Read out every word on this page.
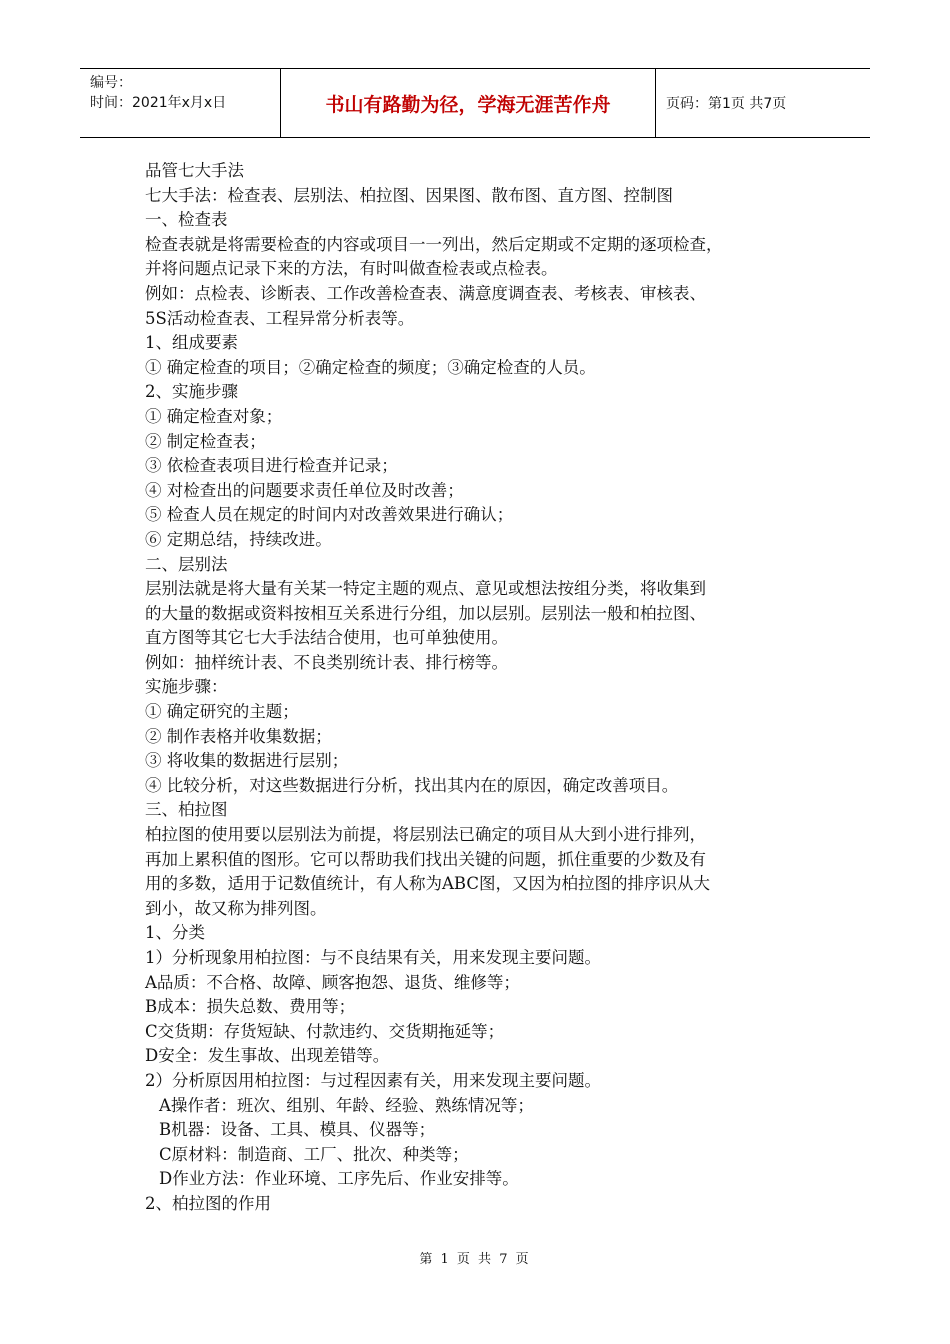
编号：
时间：2021年x月x日	书山有路勤为径，学海无涯苦作舟	页码：第1页 共7页

品管七大手法

七大手法：检查表、层别法、柏拉图、因果图、散布图、直方图、控制图

一、检查表

检查表就是将需要检查的内容或项目一一列出，然后定期或不定期的逐项检查，

并将问题点记录下来的方法，有时叫做查检表或点检表。

例如：点检表、诊断表、工作改善检查表、满意度调查表、考核表、审核表、

5S活动检查表、工程异常分析表等。

1、组成要素

① 确定检查的项目；②确定检查的频度；③确定检查的人员。

2、实施步骤

① 确定检查对象；

② 制定检查表；

③ 依检查表项目进行检查并记录；

④ 对检查出的问题要求责任单位及时改善；

⑤ 检查人员在规定的时间内对改善效果进行确认；

⑥ 定期总结，持续改进。

二、层别法

层别法就是将大量有关某一特定主题的观点、意见或想法按组分类，将收集到

的大量的数据或资料按相互关系进行分组，加以层别。层别法一般和柏拉图、

直方图等其它七大手法结合使用，也可单独使用。

例如：抽样统计表、不良类别统计表、排行榜等。

实施步骤：

① 确定研究的主题；

② 制作表格并收集数据；

③ 将收集的数据进行层别；

④ 比较分析，对这些数据进行分析，找出其内在的原因，确定改善项目。

三、柏拉图

柏拉图的使用要以层别法为前提，将层别法已确定的项目从大到小进行排列，

再加上累积值的图形。它可以帮助我们找出关键的问题，抓住重要的少数及有

用的多数，适用于记数值统计，有人称为ABC图，又因为柏拉图的排序识从大

到小，故又称为排列图。

1、分类

1）分析现象用柏拉图：与不良结果有关，用来发现主要问题。

A品质：不合格、故障、顾客抱怨、退货、维修等；

B成本：损失总数、费用等；

C交货期：存货短缺、付款违约、交货期拖延等；

D安全：发生事故、出现差错等。

2）分析原因用柏拉图：与过程因素有关，用来发现主要问题。

A操作者：班次、组别、年龄、经验、熟练情况等；

B机器：设备、工具、模具、仪器等；

C原材料：制造商、工厂、批次、种类等；

D作业方法：作业环境、工序先后、作业安排等。

2、柏拉图的作用

第 1 页 共 7 页
